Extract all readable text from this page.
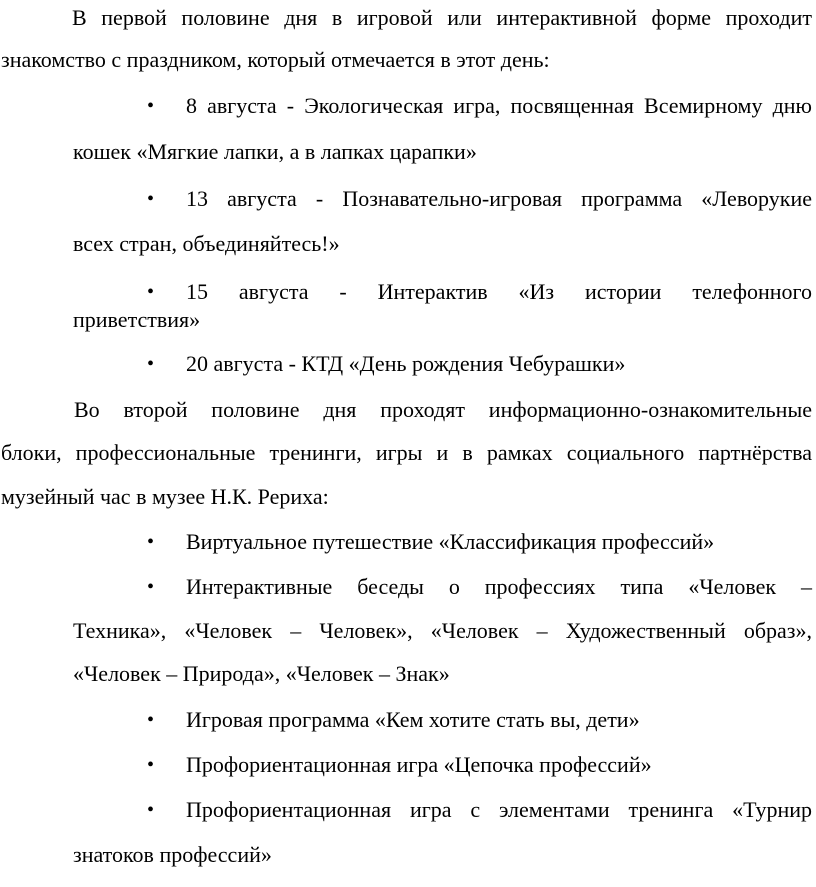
В первой половине дня в игровой или интерактивной форме проходит
знакомство с праздником, который отмечается в этот день:
• 8 августа - Экологическая игра, посвященная Всемирному дню
кошек «Мягкие лапки, а в лапках царапки»
• 13 августа - Познавательно-игровая программа «Леворукие
всех стран, объединяйтесь!»
• 15 августа - Интерактив «Из истории телефонного
приветствия»
• 20 августа - КТД «День рождения Чебурашки»
Во второй половине дня проходят информационно-ознакомительные
блоки, профессиональные тренинги, игры и в рамках социального партнёрства
музейный час в музее Н.К. Рериха:
• Виртуальное путешествие «Классификация профессий»
• Интерактивные беседы о профессиях типа «Человек –
Техника», «Человек – Человек», «Человек – Художественный образ»,
«Человек – Природа», «Человек – Знак»
• Игровая программа «Кем хотите стать вы, дети»
• Профориентационная игра «Цепочка профессий»
• Профориентационная игра с элементами тренинга «Турнир
знатоков профессий»
